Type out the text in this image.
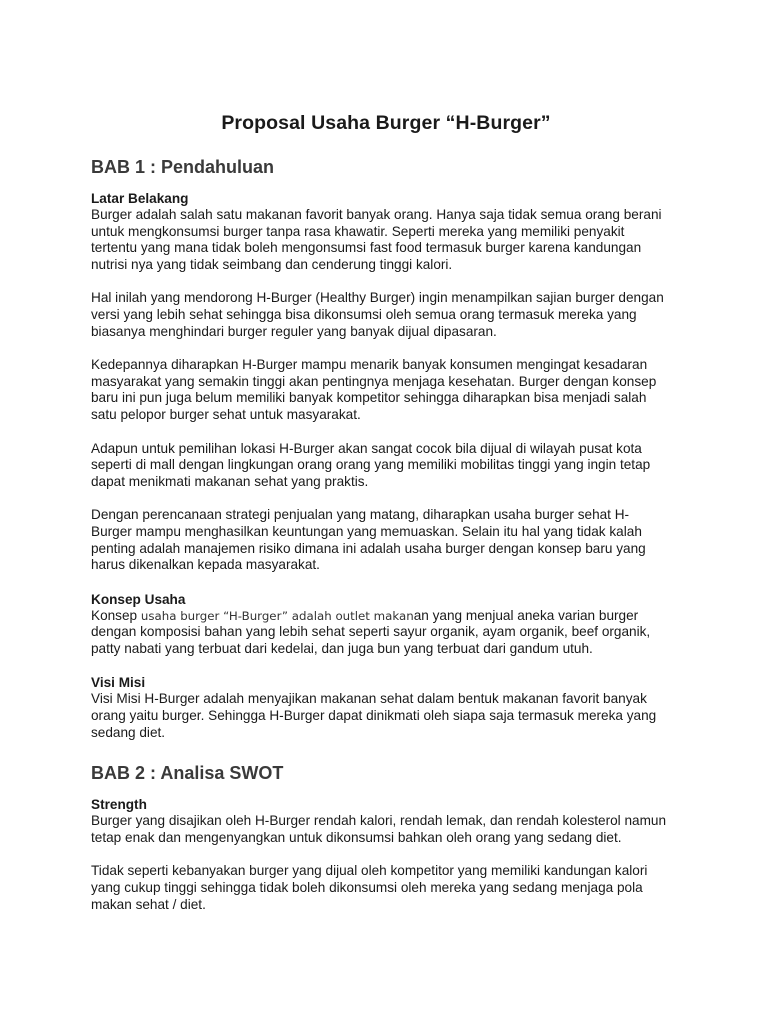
Proposal Usaha Burger “H-Burger”
BAB 1 : Pendahuluan
Latar Belakang

Burger adalah salah satu makanan favorit banyak orang. Hanya saja tidak semua orang berani
untuk mengkonsumsi burger tanpa rasa khawatir. Seperti mereka yang memiliki penyakit
tertentu yang mana tidak boleh mengonsumsi fast food termasuk burger karena kandungan
nutrisi nya yang tidak seimbang dan cenderung tinggi kalori.

Hal inilah yang mendorong H-Burger (Healthy Burger) ingin menampilkan sajian burger dengan
versi yang lebih sehat sehingga bisa dikonsumsi oleh semua orang termasuk mereka yang
biasanya menghindari burger reguler yang banyak dijual dipasaran.

Kedepannya diharapkan H-Burger mampu menarik banyak konsumen mengingat kesadaran
masyarakat yang semakin tinggi akan pentingnya menjaga kesehatan. Burger dengan konsep
baru ini pun juga belum memiliki banyak kompetitor sehingga diharapkan bisa menjadi salah
satu pelopor burger sehat untuk masyarakat.

Adapun untuk pemilihan lokasi H-Burger akan sangat cocok bila dijual di wilayah pusat kota
seperti di mall dengan lingkungan orang orang yang memiliki mobilitas tinggi yang ingin tetap
dapat menikmati makanan sehat yang praktis.

Dengan perencanaan strategi penjualan yang matang, diharapkan usaha burger sehat H-
Burger mampu menghasilkan keuntungan yang memuaskan. Selain itu hal yang tidak kalah
penting adalah manajemen risiko dimana ini adalah usaha burger dengan konsep baru yang
harus dikenalkan kepada masyarakat.

Konsep Usaha

Konsep usaha burger “H-Burger” adalah outlet makanan yang menjual aneka varian burger
dengan komposisi bahan yang lebih sehat seperti sayur organik, ayam organik, beef organik,
patty nabati yang terbuat dari kedelai, dan juga bun yang terbuat dari gandum utuh.

Visi Misi

Visi Misi H-Burger adalah menyajikan makanan sehat dalam bentuk makanan favorit banyak
orang yaitu burger. Sehingga H-Burger dapat dinikmati oleh siapa saja termasuk mereka yang
sedang diet.

BAB 2 : Analisa SWOT
Strength

Burger yang disajikan oleh H-Burger rendah kalori, rendah lemak, dan rendah kolesterol namun
tetap enak dan mengenyangkan untuk dikonsumsi bahkan oleh orang yang sedang diet.

Tidak seperti kebanyakan burger yang dijual oleh kompetitor yang memiliki kandungan kalori
yang cukup tinggi sehingga tidak boleh dikonsumsi oleh mereka yang sedang menjaga pola
makan sehat / diet.
